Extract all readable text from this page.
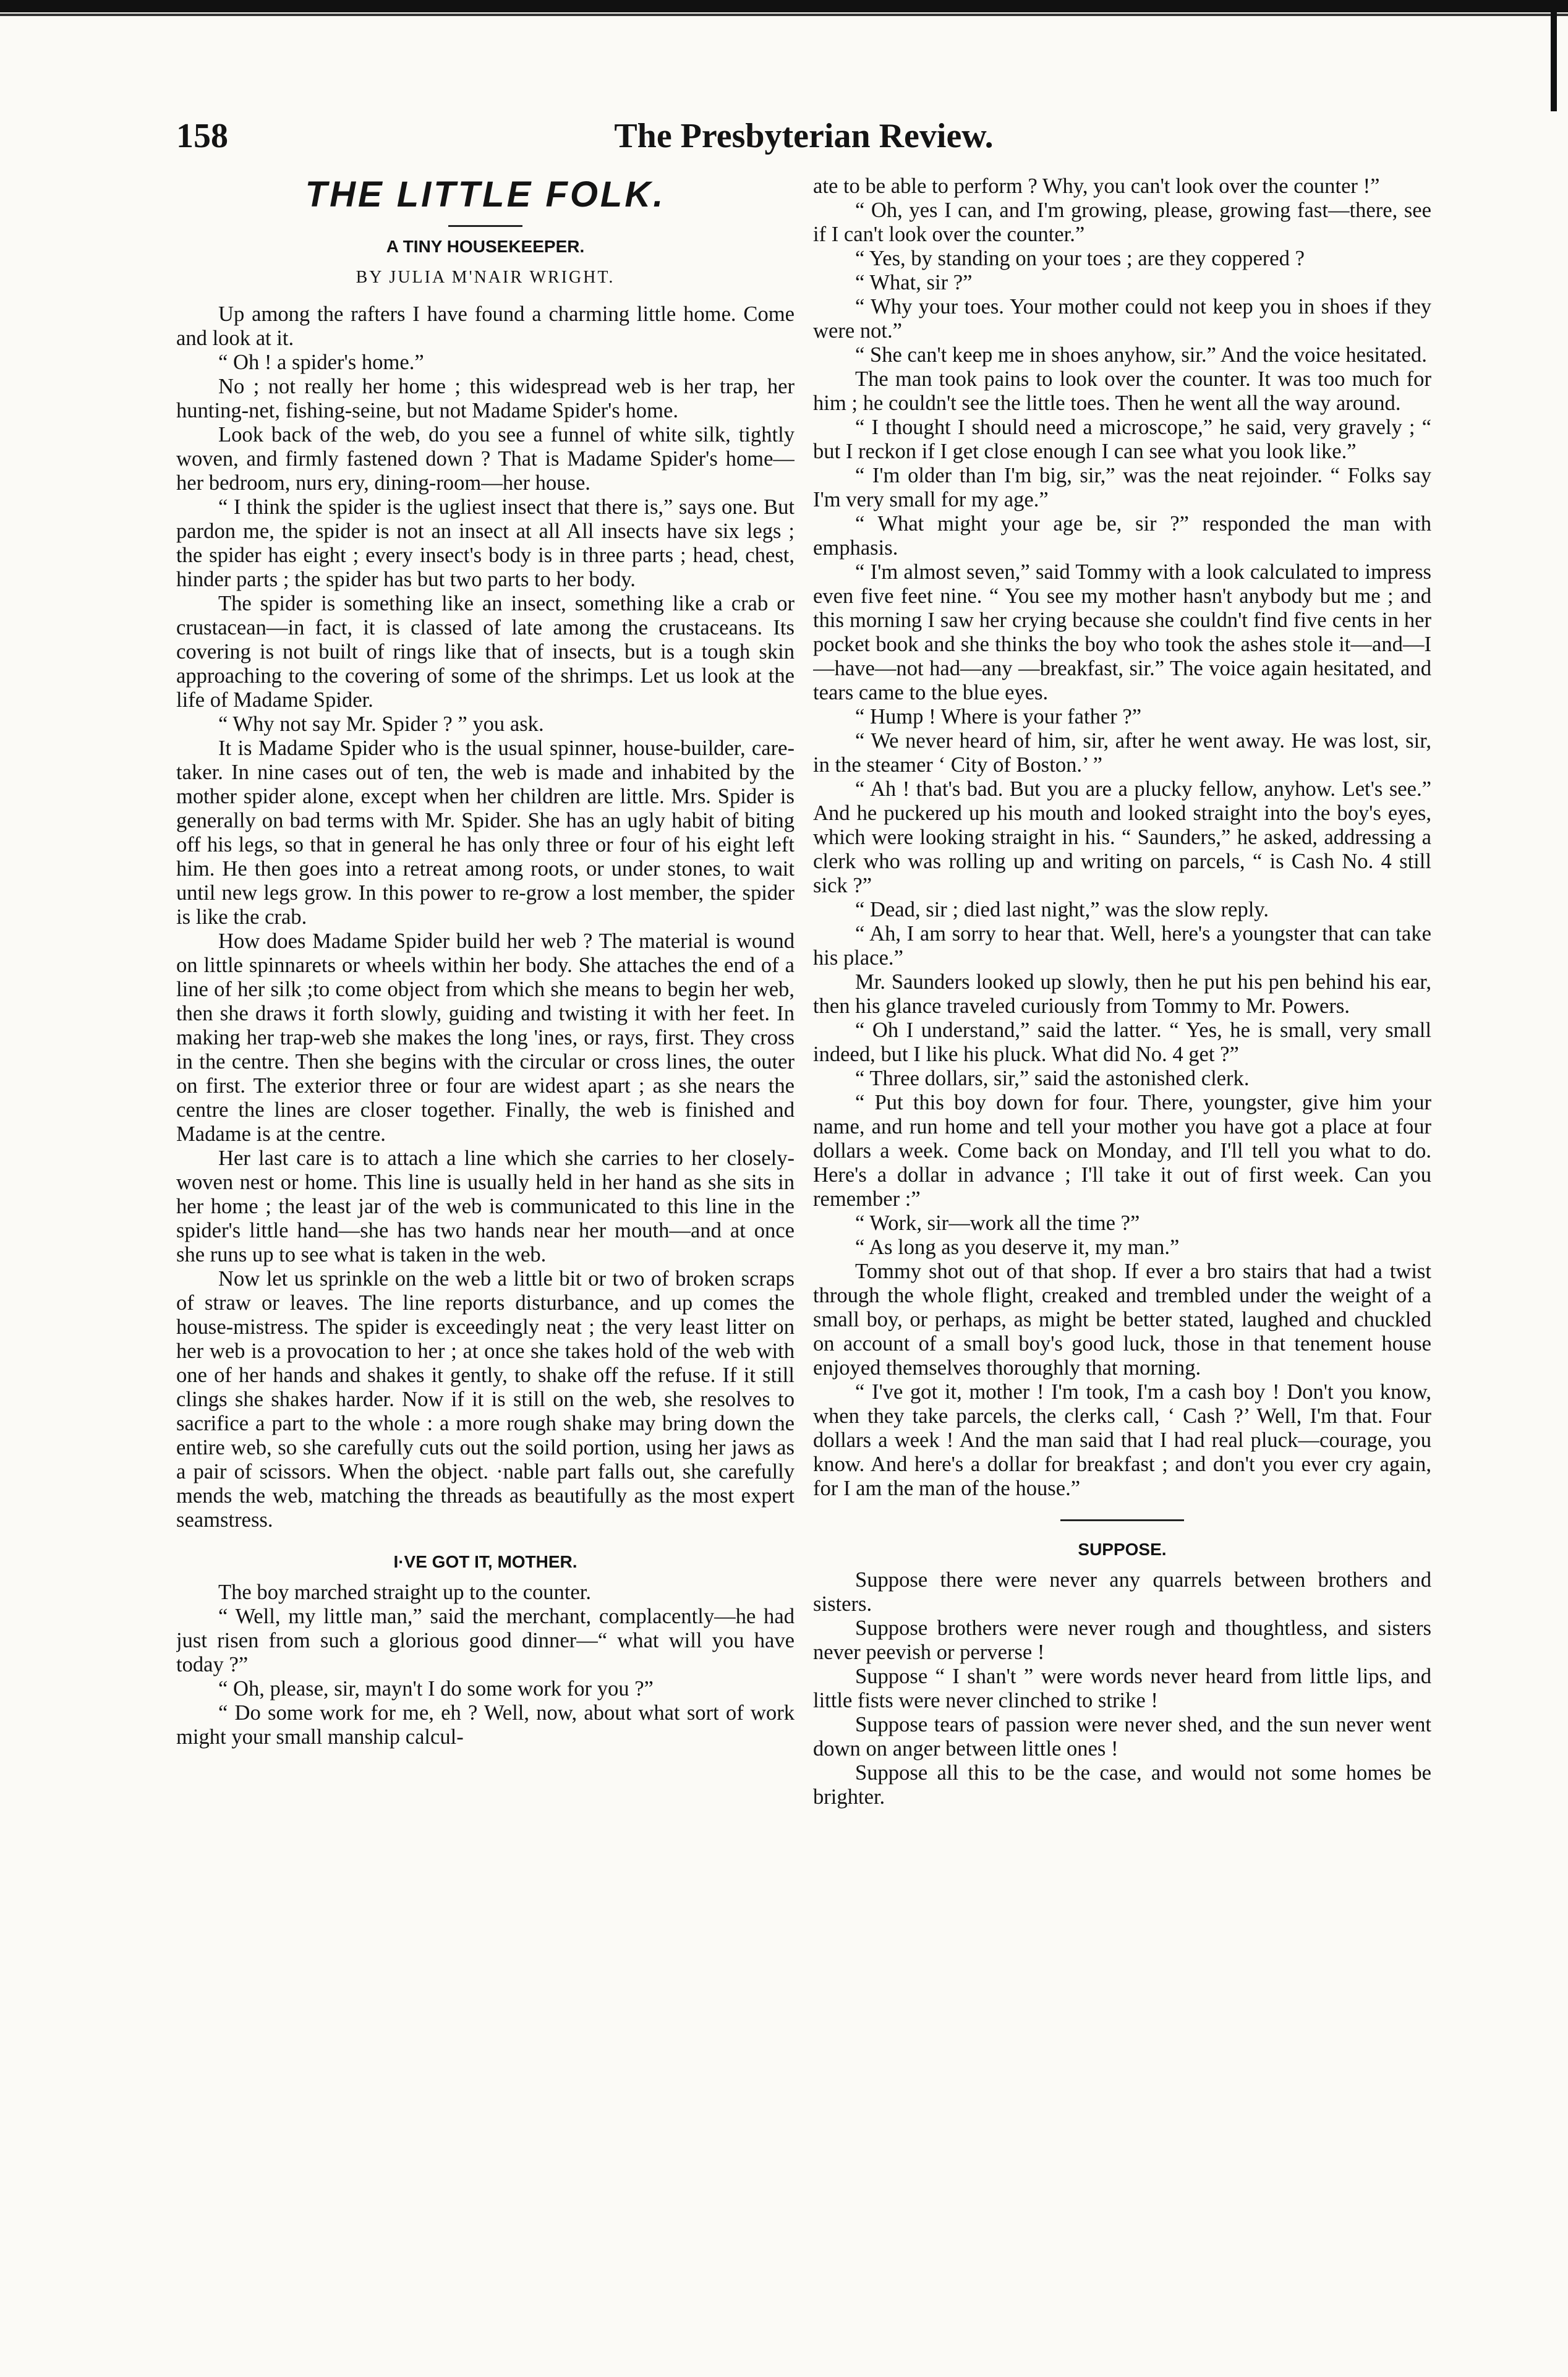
158	The Presbyterian Review.
THE LITTLE FOLK.
A TINY HOUSEKEEPER.
BY JULIA M'NAIR WRIGHT.

Up among the rafters I have found a charming little home. Come and look at it.

“ Oh ! a spider's home.”

No ; not really her home ; this widespread web is her trap, her hunting-net, fishing-seine, but not Madame Spider's home.

Look back of the web, do you see a funnel of white silk, tightly woven, and firmly fastened down ? That is Madame Spider's home—her bedroom, nurs ery, dining-room—her house.

“ I think the spider is the ugliest insect that there is,” says one. But pardon me, the spider is not an insect at all All insects have six legs ; the spider has eight ; every insect's body is in three parts ; head, chest, hinder parts ; the spider has but two parts to her body.

The spider is something like an insect, something like a crab or crustacean—in fact, it is classed of late among the crustaceans. Its covering is not built of rings like that of insects, but is a tough skin approaching to the covering of some of the shrimps. Let us look at the life of Madame Spider.

“ Why not say Mr. Spider ? ” you ask.

It is Madame Spider who is the usual spinner, house-builder, care-taker. In nine cases out of ten, the web is made and inhabited by the mother spider alone, except when her children are little. Mrs. Spider is generally on bad terms with Mr. Spider. She has an ugly habit of biting off his legs, so that in general he has only three or four of his eight left him. He then goes into a retreat among roots, or under stones, to wait until new legs grow. In this power to re-grow a lost member, the spider is like the crab.

How does Madame Spider build her web ? The material is wound on little spinnarets or wheels within her body. She attaches the end of a line of her silk ;to come object from which she means to begin her web, then she draws it forth slowly, guiding and twisting it with her feet. In making her trap-web she makes the long 'ines, or rays, first. They cross in the centre. Then she begins with the circular or cross lines, the outer on first. The exterior three or four are widest apart ; as she nears the centre the lines are closer together. Finally, the web is finished and Madame is at the centre.

Her last care is to attach a line which she carries to her closely-woven nest or home. This line is usually held in her hand as she sits in her home ; the least jar of the web is communicated to this line in the spider's little hand—she has two hands near her mouth—and at once she runs up to see what is taken in the web.

Now let us sprinkle on the web a little bit or two of broken scraps of straw or leaves. The line reports disturbance, and up comes the house-mistress. The spider is exceedingly neat ; the very least litter on her web is a provocation to her ; at once she takes hold of the web with one of her hands and shakes it gently, to shake off the refuse. If it still clings she shakes harder. Now if it is still on the web, she resolves to sacrifice a part to the whole : a more rough shake may bring down the entire web, so she carefully cuts out the soild portion, using her jaws as a pair of scissors. When the object. ·nable part falls out, she carefully mends the web, matching the threads as beautifully as the most expert seamstress.

I·VE GOT IT, MOTHER.

The boy marched straight up to the counter.

“ Well, my little man,” said the merchant, complacently—he had just risen from such a glorious good dinner—“ what will you have today ?”

“ Oh, please, sir, mayn't I do some work for you ?”

“ Do some work for me, eh ? Well, now, about what sort of work might your small manship calcul-

ate to be able to perform ? Why, you can't look over the counter !”

“ Oh, yes I can, and I'm growing, please, growing fast—there, see if I can't look over the counter.”

“ Yes, by standing on your toes ; are they coppered ?

“ What, sir ?”

“ Why your toes. Your mother could not keep you in shoes if they were not.”

“ She can't keep me in shoes anyhow, sir.” And the voice hesitated.

The man took pains to look over the counter. It was too much for him ; he couldn't see the little toes. Then he went all the way around.

“ I thought I should need a microscope,” he said, very gravely ; “ but I reckon if I get close enough I can see what you look like.”

“ I'm older than I'm big, sir,” was the neat rejoinder. “ Folks say I'm very small for my age.”

“ What might your age be, sir ?” responded the man with emphasis.

“ I'm almost seven,” said Tommy with a look calculated to impress even five feet nine. “ You see my mother hasn't anybody but me ; and this morning I saw her crying because she couldn't find five cents in her pocket book and she thinks the boy who took the ashes stole it—and—I—have—not had—any —breakfast, sir.” The voice again hesitated, and tears came to the blue eyes.

“ Hump ! Where is your father ?”

“ We never heard of him, sir, after he went away. He was lost, sir, in the steamer ‘ City of Boston.’ ”

“ Ah ! that's bad. But you are a plucky fellow, anyhow. Let's see.” And he puckered up his mouth and looked straight into the boy's eyes, which were looking straight in his. “ Saunders,” he asked, addressing a clerk who was rolling up and writing on parcels, “ is Cash No. 4 still sick ?”

“ Dead, sir ; died last night,” was the slow reply.

“ Ah, I am sorry to hear that. Well, here's a youngster that can take his place.”

Mr. Saunders looked up slowly, then he put his pen behind his ear, then his glance traveled curiously from Tommy to Mr. Powers.

“ Oh I understand,” said the latter. “ Yes, he is small, very small indeed, but I like his pluck. What did No. 4 get ?”

“ Three dollars, sir,” said the astonished clerk.

“ Put this boy down for four. There, youngster, give him your name, and run home and tell your mother you have got a place at four dollars a week. Come back on Monday, and I'll tell you what to do. Here's a dollar in advance ; I'll take it out of first week. Can you remember :”

“ Work, sir—work all the time ?”

“ As long as you deserve it, my man.”

Tommy shot out of that shop. If ever a bro stairs that had a twist through the whole flight, creaked and trembled under the weight of a small boy, or perhaps, as might be better stated, laughed and chuckled on account of a small boy's good luck, those in that tenement house enjoyed themselves thoroughly that morning.

“ I've got it, mother ! I'm took, I'm a cash boy ! Don't you know, when they take parcels, the clerks call, ‘ Cash ?’ Well, I'm that. Four dollars a week ! And the man said that I had real pluck—courage, you know. And here's a dollar for breakfast ; and don't you ever cry again, for I am the man of the house.”

SUPPOSE.

Suppose there were never any quarrels between brothers and sisters.

Suppose brothers were never rough and thoughtless, and sisters never peevish or perverse !

Suppose “ I shan't ” were words never heard from little lips, and little fists were never clinched to strike !

Suppose tears of passion were never shed, and the sun never went down on anger between little ones !

Suppose all this to be the case, and would not some homes be brighter.
